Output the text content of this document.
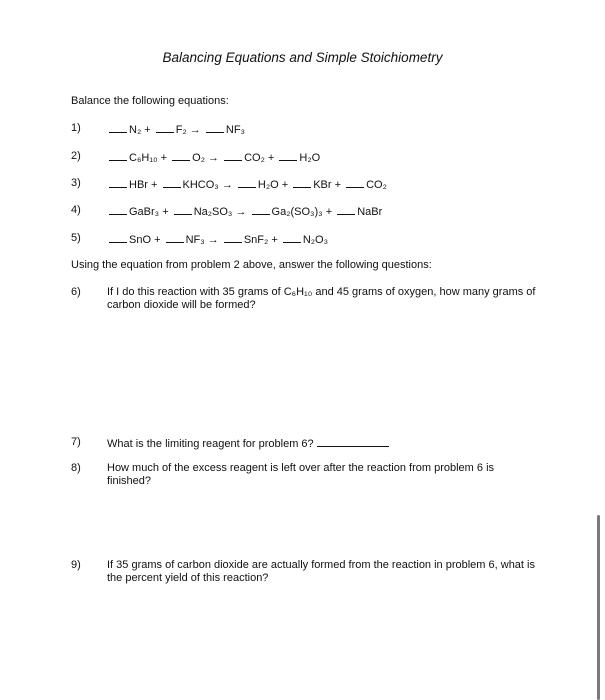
Balancing Equations and Simple Stoichiometry
Balance the following equations:
1)	N₂ + F₂ → NF₃
2)	C₆H₁₀ + O₂ → CO₂ + H₂O
3)	HBr + KHCO₃ → H₂O + KBr + CO₂
4)	GaBr₃ + Na₂SO₃ → Ga₂(SO₃)₃ + NaBr
5)	SnO + NF₃ → SnF₂ + N₂O₃
Using the equation from problem 2 above, answer the following questions:
6) If I do this reaction with 35 grams of C₆H₁₀ and 45 grams of oxygen, how many grams of carbon dioxide will be formed?
7) What is the limiting reagent for problem 6?
8) How much of the excess reagent is left over after the reaction from problem 6 is finished?
9) If 35 grams of carbon dioxide are actually formed from the reaction in problem 6, what is the percent yield of this reaction?
